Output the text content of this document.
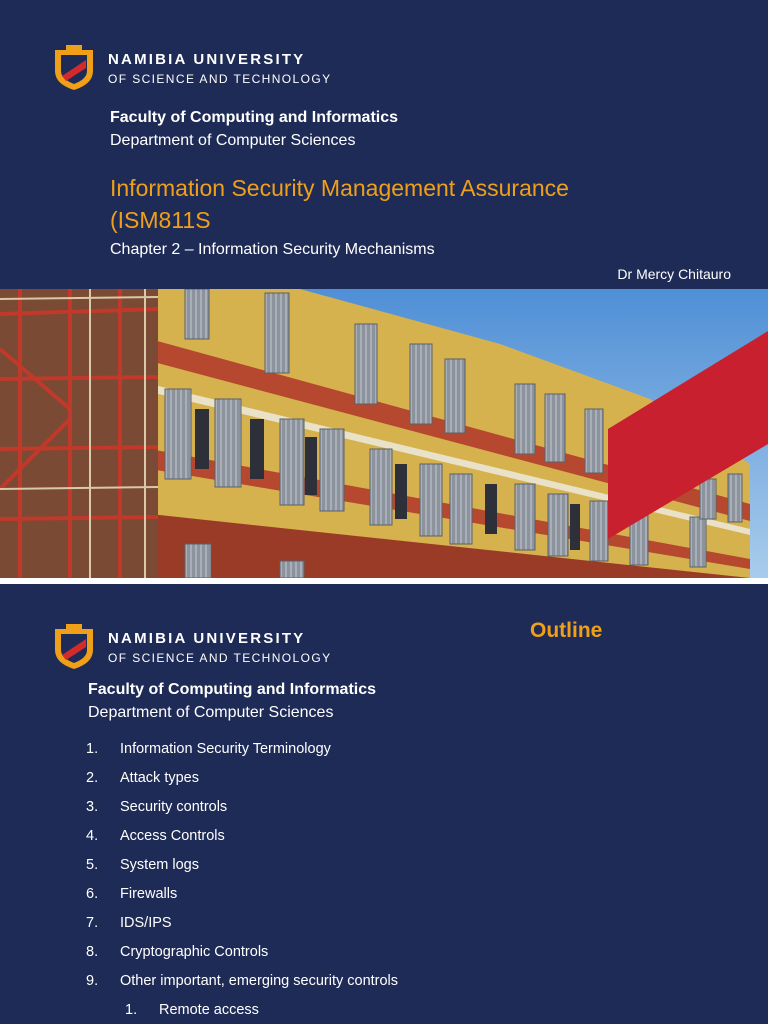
NAMIBIA UNIVERSITY
OF SCIENCE AND TECHNOLOGY
Faculty of Computing and Informatics
Department of Computer Sciences
Information Security Management Assurance
(ISM811S
Chapter 2 – Information Security Mechanisms
Dr Mercy Chitauro
NAMIBIA UNIVERSITY
OF SCIENCE AND TECHNOLOGY
Outline
Faculty of Computing and Informatics
Department of Computer Sciences
1.	Information Security Terminology
2.	Attack types
3.	Security controls
4.	Access Controls
5.	System logs
6.	Firewalls
7.	IDS/IPS
8.	Cryptographic Controls
9.	Other important, emerging security controls
1.	Remote access
